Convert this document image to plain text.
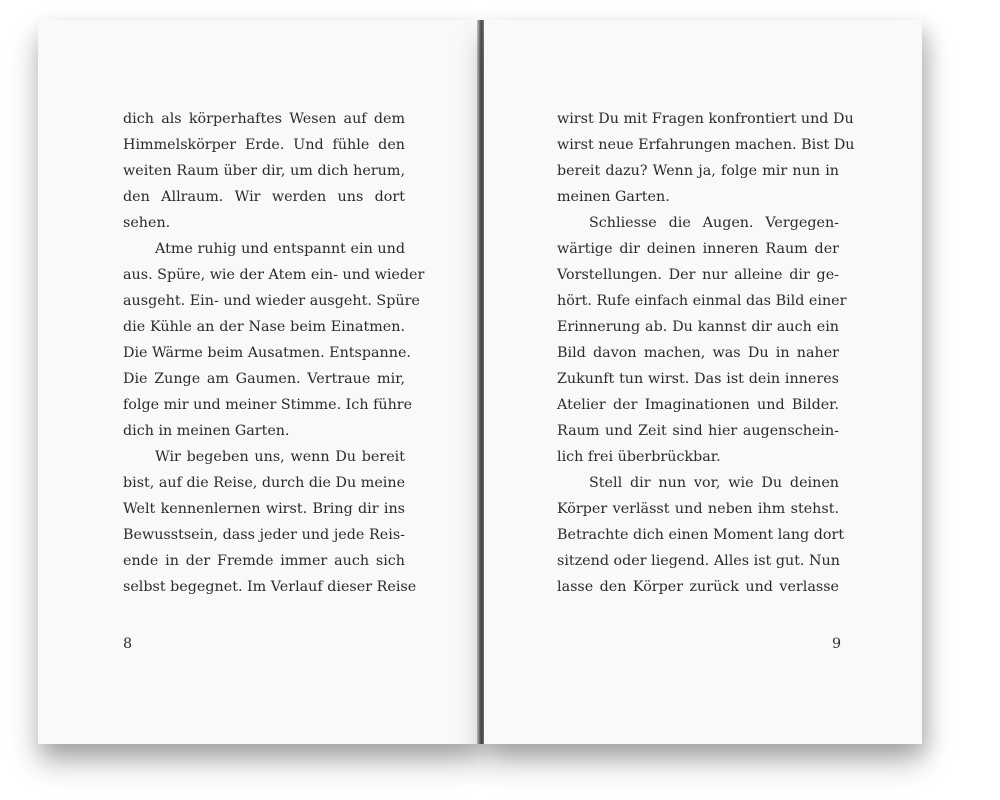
dich als körperhaftes Wesen auf dem
Himmelskörper Erde. Und fühle den
weiten Raum über dir, um dich herum,
den Allraum. Wir werden uns dort
sehen.
Atme ruhig und entspannt ein und
aus. Spüre, wie der Atem ein- und wieder
ausgeht. Ein- und wieder ausgeht. Spüre
die Kühle an der Nase beim Einatmen.
Die Wärme beim Ausatmen. Entspanne.
Die Zunge am Gaumen. Vertraue mir,
folge mir und meiner Stimme. Ich führe
dich in meinen Garten.
Wir begeben uns, wenn Du bereit
bist, auf die Reise, durch die Du meine
Welt kennenlernen wirst. Bring dir ins
Bewusstsein, dass jeder und jede Reis-
ende in der Fremde immer auch sich
selbst begegnet. Im Verlauf dieser Reise
8
wirst Du mit Fragen konfrontiert und Du
wirst neue Erfahrungen machen. Bist Du
bereit dazu? Wenn ja, folge mir nun in
meinen Garten.
Schliesse die Augen. Vergegen-
wärtige dir deinen inneren Raum der
Vorstellungen. Der nur alleine dir ge-
hört. Rufe einfach einmal das Bild einer
Erinnerung ab. Du kannst dir auch ein
Bild davon machen, was Du in naher
Zukunft tun wirst. Das ist dein inneres
Atelier der Imaginationen und Bilder.
Raum und Zeit sind hier augenschein-
lich frei überbrückbar.
Stell dir nun vor, wie Du deinen
Körper verlässt und neben ihm stehst.
Betrachte dich einen Moment lang dort
sitzend oder liegend. Alles ist gut. Nun
lasse den Körper zurück und verlasse
9
